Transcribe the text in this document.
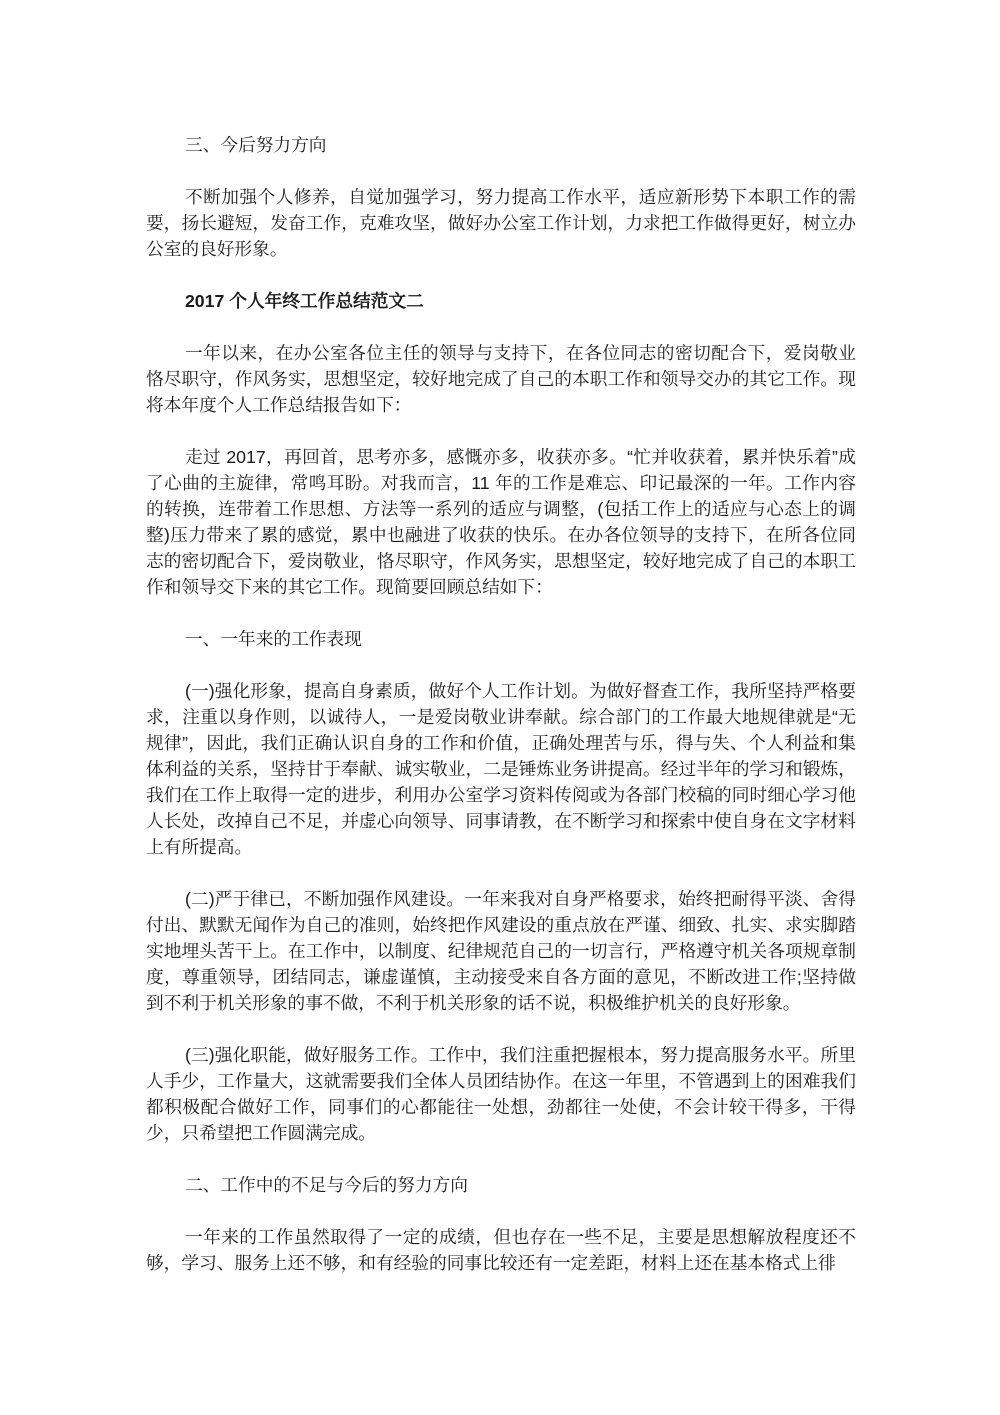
三、今后努力方向

不断加强个人修养，自觉加强学习，努力提高工作水平，适应新形势下本职工作的需要，扬长避短，发奋工作，克难攻坚，做好办公室工作计划，力求把工作做得更好，树立办公室的良好形象。

2017 个人年终工作总结范文二

一年以来，在办公室各位主任的领导与支持下，在各位同志的密切配合下，爱岗敬业恪尽职守，作风务实，思想坚定，较好地完成了自己的本职工作和领导交办的其它工作。现将本年度个人工作总结报告如下：

走过 2017，再回首，思考亦多，感慨亦多，收获亦多。“忙并收获着，累并快乐着”成了心曲的主旋律，常鸣耳盼。对我而言，11 年的工作是难忘、印记最深的一年。工作内容的转换，连带着工作思想、方法等一系列的适应与调整，(包括工作上的适应与心态上的调整)压力带来了累的感觉，累中也融进了收获的快乐。在办各位领导的支持下，在所各位同志的密切配合下，爱岗敬业，恪尽职守，作风务实，思想坚定，较好地完成了自己的本职工作和领导交下来的其它工作。现简要回顾总结如下：

一、一年来的工作表现

(一)强化形象，提高自身素质，做好个人工作计划。为做好督查工作，我所坚持严格要求，注重以身作则，以诚待人，一是爱岗敬业讲奉献。综合部门的工作最大地规律就是“无规律”，因此，我们正确认识自身的工作和价值，正确处理苦与乐，得与失、个人利益和集体利益的关系，坚持甘于奉献、诚实敬业，二是锤炼业务讲提高。经过半年的学习和锻炼，我们在工作上取得一定的进步，利用办公室学习资料传阅或为各部门校稿的同时细心学习他人长处，改掉自己不足，并虚心向领导、同事请教，在不断学习和探索中使自身在文字材料上有所提高。

(二)严于律已，不断加强作风建设。一年来我对自身严格要求，始终把耐得平淡、舍得付出、默默无闻作为自己的准则，始终把作风建设的重点放在严谨、细致、扎实、求实脚踏实地埋头苦干上。在工作中，以制度、纪律规范自己的一切言行，严格遵守机关各项规章制度，尊重领导，团结同志，谦虚谨慎，主动接受来自各方面的意见，不断改进工作;坚持做到不利于机关形象的事不做，不利于机关形象的话不说，积极维护机关的良好形象。

(三)强化职能，做好服务工作。工作中，我们注重把握根本，努力提高服务水平。所里人手少，工作量大，这就需要我们全体人员团结协作。在这一年里，不管遇到上的困难我们都积极配合做好工作，同事们的心都能往一处想，劲都往一处使，不会计较干得多，干得少，只希望把工作圆满完成。

二、工作中的不足与今后的努力方向

一年来的工作虽然取得了一定的成绩，但也存在一些不足，主要是思想解放程度还不够，学习、服务上还不够，和有经验的同事比较还有一定差距，材料上还在基本格式上徘
